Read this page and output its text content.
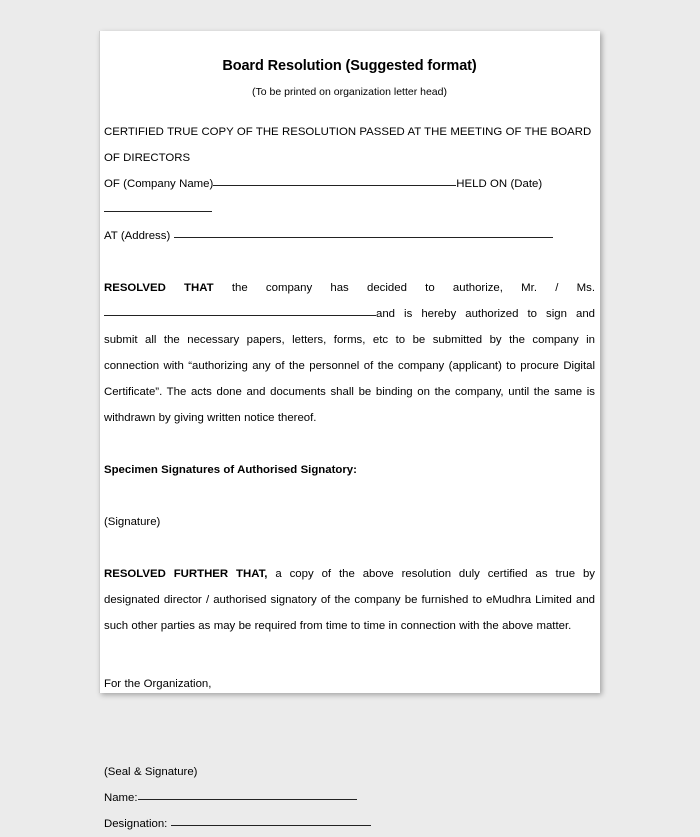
Board Resolution (Suggested format)
(To be printed on organization letter head)
CERTIFIED TRUE COPY OF THE RESOLUTION PASSED AT THE MEETING OF THE BOARD OF DIRECTORS
OF (Company Name)	HELD ON (Date)
AT (Address)
RESOLVED THAT the company has decided to authorize, Mr. / Ms. and is hereby authorized to sign and submit all the necessary papers, letters, forms, etc to be submitted by the company in connection with “authorizing any of the personnel of the company (applicant) to procure Digital Certificate”. The acts done and documents shall be binding on the company, until the same is withdrawn by giving written notice thereof.
Specimen Signatures of Authorised Signatory:
(Signature)
RESOLVED FURTHER THAT, a copy of the above resolution duly certified as true by designated director / authorised signatory of the company be furnished to eMudhra Limited and such other parties as may be required from time to time in connection with the above matter.
For the Organization,
(Seal & Signature)
Name:
Designation:
